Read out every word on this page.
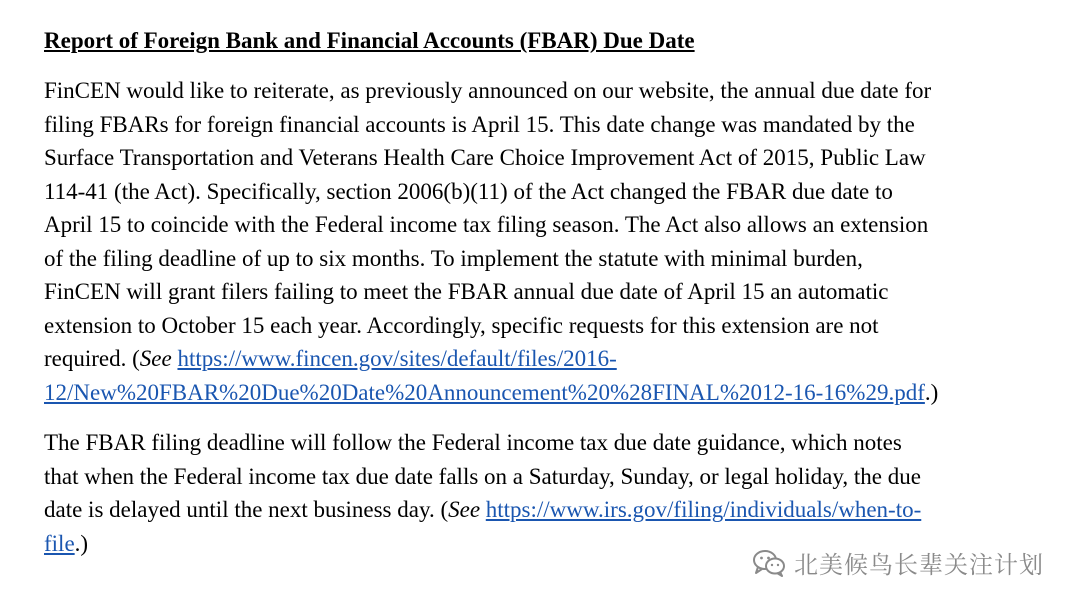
Report of Foreign Bank and Financial Accounts (FBAR) Due Date

FinCEN would like to reiterate, as previously announced on our website, the annual due date for
filing FBARs for foreign financial accounts is April 15. This date change was mandated by the
Surface Transportation and Veterans Health Care Choice Improvement Act of 2015, Public Law
114-41 (the Act). Specifically, section 2006(b)(11) of the Act changed the FBAR due date to
April 15 to coincide with the Federal income tax filing season. The Act also allows an extension
of the filing deadline of up to six months. To implement the statute with minimal burden,
FinCEN will grant filers failing to meet the FBAR annual due date of April 15 an automatic
extension to October 15 each year. Accordingly, specific requests for this extension are not
required. (See https://www.fincen.gov/sites/default/files/2016-
12/New%20FBAR%20Due%20Date%20Announcement%20%28FINAL%2012-16-16%29.pdf.)

The FBAR filing deadline will follow the Federal income tax due date guidance, which notes
that when the Federal income tax due date falls on a Saturday, Sunday, or legal holiday, the due
date is delayed until the next business day. (See https://www.irs.gov/filing/individuals/when-to-
file.)

北美候鸟长辈关注计划
